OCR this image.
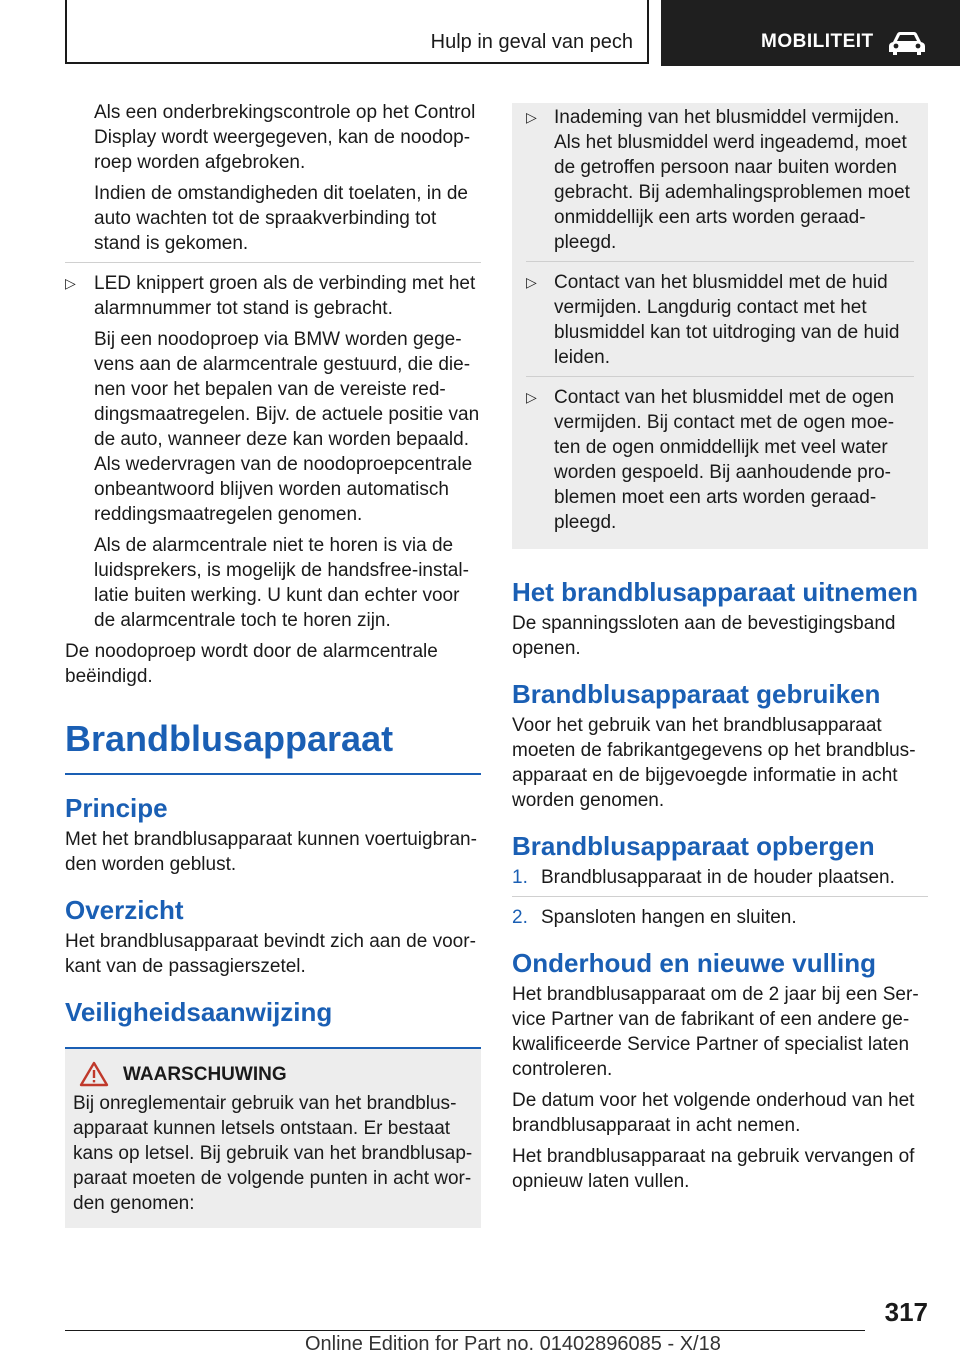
Hulp in geval van pech	MOBILITEIT

Als een onderbrekingscontrole op het Control Display wordt weergegeven, kan de noodoproep worden afgebroken.

Indien de omstandigheden dit toelaten, in de auto wachten tot de spraakverbinding tot stand is gekomen.

▷ LED knippert groen als de verbinding met het alarmnummer tot stand is gebracht.

Bij een noodoproep via BMW worden gegevens aan de alarmcentrale gestuurd, die dienen voor het bepalen van de vereiste reddingsmaatregelen. Bijv. de actuele positie van de auto, wanneer deze kan worden bepaald. Als wedervragen van de noodoproepcentrale onbeantwoord blijven worden automatisch reddingsmaatregelen genomen.

Als de alarmcentrale niet te horen is via de luidsprekers, is mogelijk de handsfree-installatie buiten werking. U kunt dan echter voor de alarmcentrale toch te horen zijn.

De noodoproep wordt door de alarmcentrale beëindigd.

Brandblusapparaat
Principe

Met het brandblusapparaat kunnen voertuigbranden worden geblust.

Overzicht

Het brandblusapparaat bevindt zich aan de voorkant van de passagierszetel.

Veiligheidsaanwijzing
WAARSCHUWING

Bij onreglementair gebruik van het brandblusapparaat kunnen letsels ontstaan. Er bestaat kans op letsel. Bij gebruik van het brandblusapparaat moeten de volgende punten in acht worden genomen:

▷ Inademing van het blusmiddel vermijden. Als het blusmiddel werd ingeademd, moet de getroffen persoon naar buiten worden gebracht. Bij ademhalingsproblemen moet onmiddellijk een arts worden geraadpleegd.
▷ Contact van het blusmiddel met de huid vermijden. Langdurig contact met het blusmiddel kan tot uitdroging van de huid leiden.
▷ Contact van het blusmiddel met de ogen vermijden. Bij contact met de ogen moeten de ogen onmiddellijk met veel water worden gespoeld. Bij aanhoudende problemen moet een arts worden geraadpleegd.
Het brandblusapparaat uitnemen

De spanningssloten aan de bevestigingsband openen.

Brandblusapparaat gebruiken

Voor het gebruik van het brandblusapparaat moeten de fabrikantgegevens op het brandblusapparaat en de bijgevoegde informatie in acht worden genomen.

Brandblusapparaat opbergen
1. Brandblusapparaat in de houder plaatsen.
2. Spansloten hangen en sluiten.
Onderhoud en nieuwe vulling

Het brandblusapparaat om de 2 jaar bij een Service Partner van de fabrikant of een andere gekwalificeerde Service Partner of specialist laten controleren.

De datum voor het volgende onderhoud van het brandblusapparaat in acht nemen.

Het brandblusapparaat na gebruik vervangen of opnieuw laten vullen.

317
Online Edition for Part no. 01402896085 - X/18
